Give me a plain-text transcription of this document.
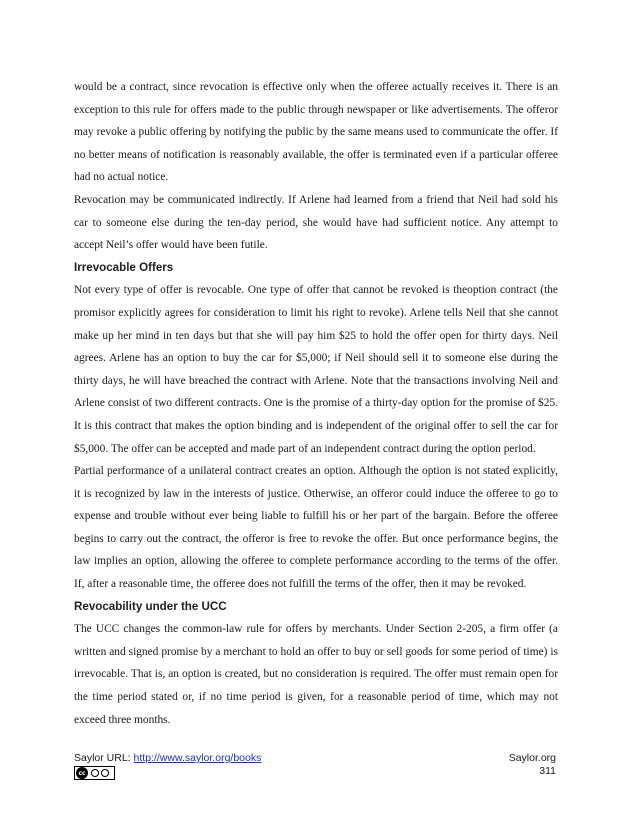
would be a contract, since revocation is effective only when the offeree actually receives it. There is an exception to this rule for offers made to the public through newspaper or like advertisements. The offeror may revoke a public offering by notifying the public by the same means used to communicate the offer. If no better means of notification is reasonably available, the offer is terminated even if a particular offeree had no actual notice.

Revocation may be communicated indirectly. If Arlene had learned from a friend that Neil had sold his car to someone else during the ten-day period, she would have had sufficient notice. Any attempt to accept Neil’s offer would have been futile.

Irrevocable Offers

Not every type of offer is revocable. One type of offer that cannot be revoked is theoption contract (the promisor explicitly agrees for consideration to limit his right to revoke). Arlene tells Neil that she cannot make up her mind in ten days but that she will pay him $25 to hold the offer open for thirty days. Neil agrees. Arlene has an option to buy the car for $5,000; if Neil should sell it to someone else during the thirty days, he will have breached the contract with Arlene. Note that the transactions involving Neil and Arlene consist of two different contracts. One is the promise of a thirty-day option for the promise of $25. It is this contract that makes the option binding and is independent of the original offer to sell the car for $5,000. The offer can be accepted and made part of an independent contract during the option period.

Partial performance of a unilateral contract creates an option. Although the option is not stated explicitly, it is recognized by law in the interests of justice. Otherwise, an offeror could induce the offeree to go to expense and trouble without ever being liable to fulfill his or her part of the bargain. Before the offeree begins to carry out the contract, the offeror is free to revoke the offer. But once performance begins, the law implies an option, allowing the offeree to complete performance according to the terms of the offer. If, after a reasonable time, the offeree does not fulfill the terms of the offer, then it may be revoked.

Revocability under the UCC

The UCC changes the common-law rule for offers by merchants. Under Section 2-205, a firm offer (a written and signed promise by a merchant to hold an offer to buy or sell goods for some period of time) is irrevocable. That is, an option is created, but no consideration is required. The offer must remain open for the time period stated or, if no time period is given, for a reasonable period of time, which may not exceed three months.

Saylor URL: http://www.saylor.org/books
cc
Saylor.org
311
